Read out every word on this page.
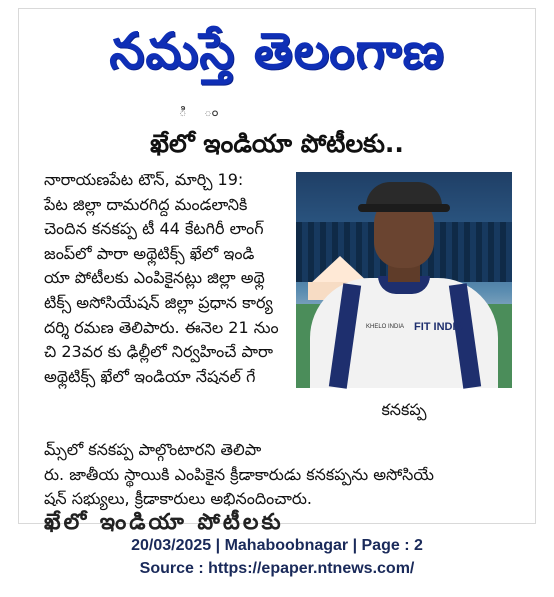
నమస్తే తెలంగాణ
ి ం
ఖేలో ఇండియా పోటీలకు..
నారాయణపేట టౌన్, మార్చి 19:
పేట జిల్లా దామరగిద్ద మండలానికి
చెందిన కనకప్ప టీ 44 కేటగిరీ లాంగ్
జంప్‌లో పారా అథ్లెటిక్స్ ఖేలో ఇండి
యా పోటీలకు ఎంపికైనట్లు జిల్లా అథ్లె
టిక్స్ అసోసియేషన్ జిల్లా ప్రధాన కార్య
దర్శి రమణ తెలిపారు. ఈనెల 21 నుం
చి 23వర కు ఢిల్లీలో నిర్వహించే పారా
అథ్లెటిక్స్ ఖేలో ఇండియా నేషనల్ గే
KHELO INDIA FIT INDIA
కనకప్ప
మ్స్‌లో కనకప్ప పాల్గొంటారని తెలిపా
రు. జాతీయ స్థాయికి ఎంపికైన క్రీడాకారుడు కనకప్పను అసోసియే
షన్ సభ్యులు, క్రీడాకారులు అభినందించారు.
ఖేలో ఇండియా పోటీలకు
20/03/2025 | Mahaboobnagar | Page : 2
Source : https://epaper.ntnews.com/
